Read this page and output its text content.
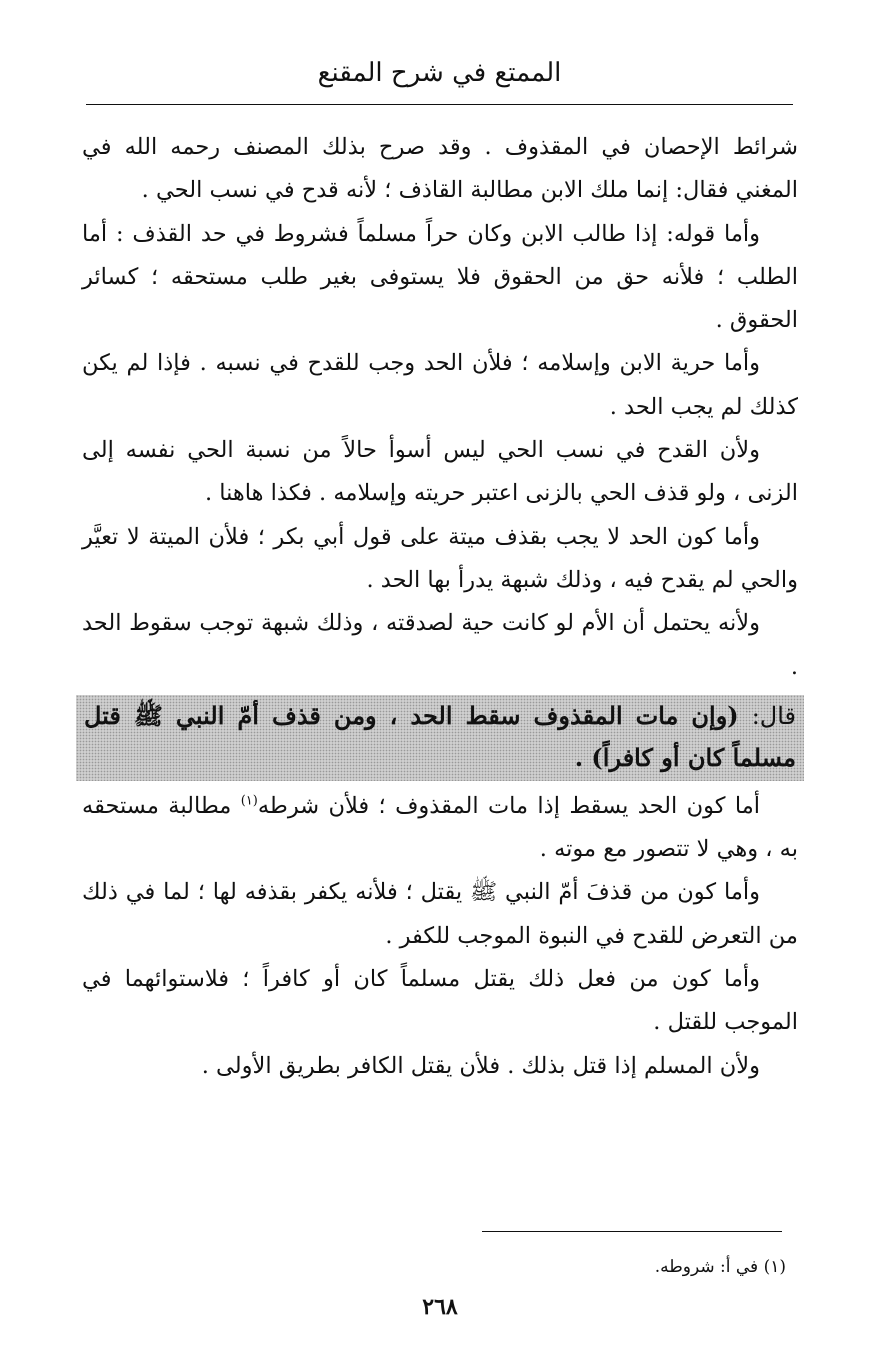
الممتع في شرح المقنع

شرائط الإحصان في المقذوف . وقد صرح بذلك المصنف رحمه الله في المغني فقال: إنما ملك الابن مطالبة القاذف ؛ لأنه قدح في نسب الحي .

وأما قوله: إذا طالب الابن وكان حراً مسلماً فشروط في حد القذف : أما الطلب ؛ فلأنه حق من الحقوق فلا يستوفى بغير طلب مستحقه ؛ كسائر الحقوق .

وأما حرية الابن وإسلامه ؛ فلأن الحد وجب للقدح في نسبه . فإذا لم يكن كذلك لم يجب الحد .

ولأن القدح في نسب الحي ليس أسوأ حالاً من نسبة الحي نفسه إلى الزنى ، ولو قذف الحي بالزنى اعتبر حريته وإسلامه . فكذا هاهنا .

وأما كون الحد لا يجب بقذف ميتة على قول أبي بكر ؛ فلأن الميتة لا تعيَّر والحي لم يقدح فيه ، وذلك شبهة يدرأ بها الحد .

ولأنه يحتمل أن الأم لو كانت حية لصدقته ، وذلك شبهة توجب سقوط الحد .

قال: (وإن مات المقذوف سقط الحد ، ومن قذف أمّ النبي ﷺ قتل مسلماً كان أو كافراً) .

أما كون الحد يسقط إذا مات المقذوف ؛ فلأن شرطه$^{(١)}$ مطالبة مستحقه به ، وهي لا تتصور مع موته .

وأما كون من قذفَ أمّ النبي ﷺ يقتل ؛ فلأنه يكفر بقذفه لها ؛ لما في ذلك من التعرض للقدح في النبوة الموجب للكفر .

وأما كون من فعل ذلك يقتل مسلماً كان أو كافراً ؛ فلاستوائهما في الموجب للقتل .

ولأن المسلم إذا قتل بذلك . فلأن يقتل الكافر بطريق الأولى .

(١) في أ: شروطه.
٢٦٨
